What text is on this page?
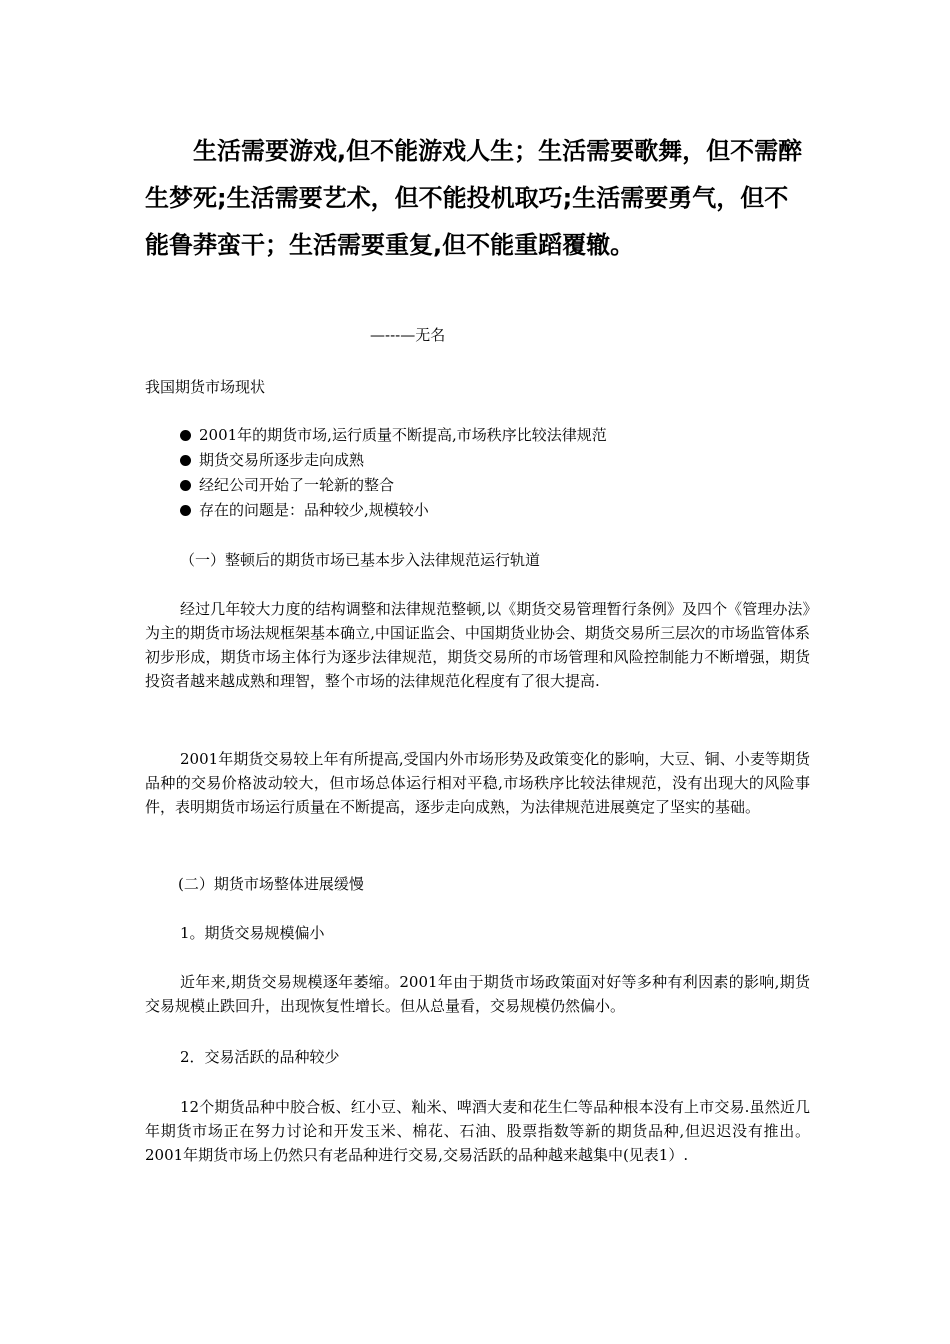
生活需要游戏,但不能游戏人生；生活需要歌舞，但不需醉生梦死;生活需要艺术，但不能投机取巧;生活需要勇气，但不能鲁莽蛮干；生活需要重复,但不能重蹈覆辙。
—---—无名
我国期货市场现状
2001年的期货市场,运行质量不断提高,市场秩序比较法律规范
期货交易所逐步走向成熟
经纪公司开始了一轮新的整合
存在的问题是：品种较少,规模较小
（一）整顿后的期货市场已基本步入法律规范运行轨道
经过几年较大力度的结构调整和法律规范整顿,以《期货交易管理暂行条例》及四个《管理办法》为主的期货市场法规框架基本确立,中国证监会、中国期货业协会、期货交易所三层次的市场监管体系初步形成，期货市场主体行为逐步法律规范，期货交易所的市场管理和风险控制能力不断增强，期货投资者越来越成熟和理智，整个市场的法律规范化程度有了很大提高.
2001年期货交易较上年有所提高,受国内外市场形势及政策变化的影响，大豆、铜、小麦等期货品种的交易价格波动较大，但市场总体运行相对平稳,市场秩序比较法律规范，没有出现大的风险事件，表明期货市场运行质量在不断提高，逐步走向成熟，为法律规范进展奠定了坚实的基础。
(二）期货市场整体进展缓慢
1。期货交易规模偏小
近年来,期货交易规模逐年萎缩。2001年由于期货市场政策面对好等多种有利因素的影响,期货交易规模止跌回升，出现恢复性增长。但从总量看，交易规模仍然偏小。
2．交易活跃的品种较少
12个期货品种中胶合板、红小豆、籼米、啤酒大麦和花生仁等品种根本没有上市交易.虽然近几年期货市场正在努力讨论和开发玉米、棉花、石油、股票指数等新的期货品种,但迟迟没有推出。2001年期货市场上仍然只有老品种进行交易,交易活跃的品种越来越集中(见表1）.
